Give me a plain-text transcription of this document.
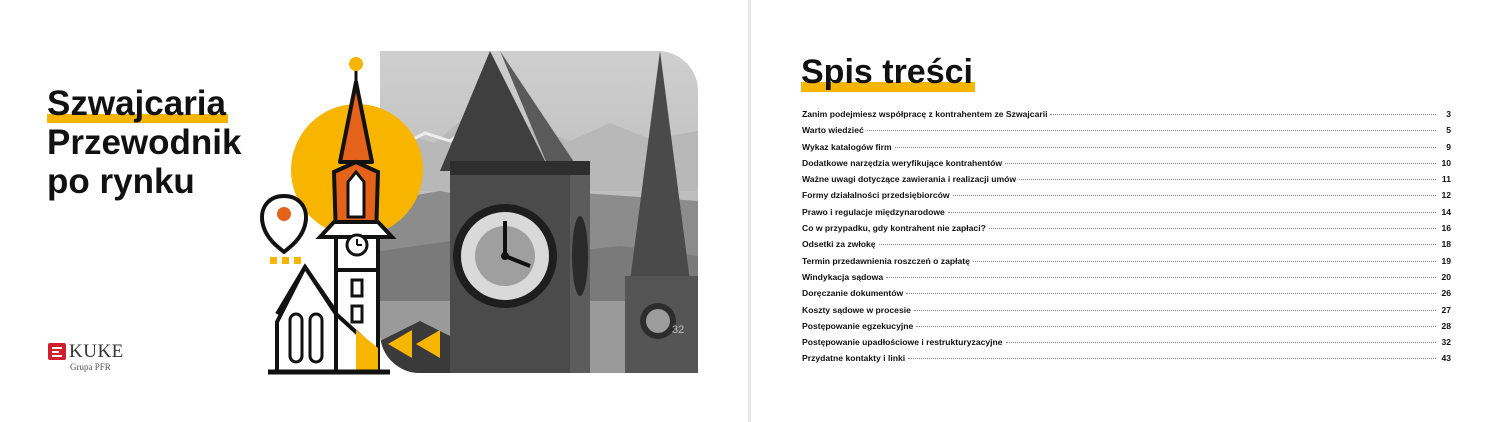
32
Szwajcaria
Przewodnik
po rynku
KUKE
Grupa PFR
Spis treści
Zanim podejmiesz współpracę z kontrahentem ze Szwajcarii	3
Warto wiedzieć	5
Wykaz katalogów firm	9
Dodatkowe narzędzia weryfikujące kontrahentów	10
Ważne uwagi dotyczące zawierania i realizacji umów	11
Formy działalności przedsiębiorców	12
Prawo i regulacje międzynarodowe	14
Co w przypadku, gdy kontrahent nie zapłaci?	16
Odsetki za zwłokę	18
Termin przedawnienia roszczeń o zapłatę	19
Windykacja sądowa	20
Doręczanie dokumentów	26
Koszty sądowe w procesie	27
Postępowanie egzekucyjne	28
Postępowanie upadłościowe i restrukturyzacyjne	32
Przydatne kontakty i linki	43
